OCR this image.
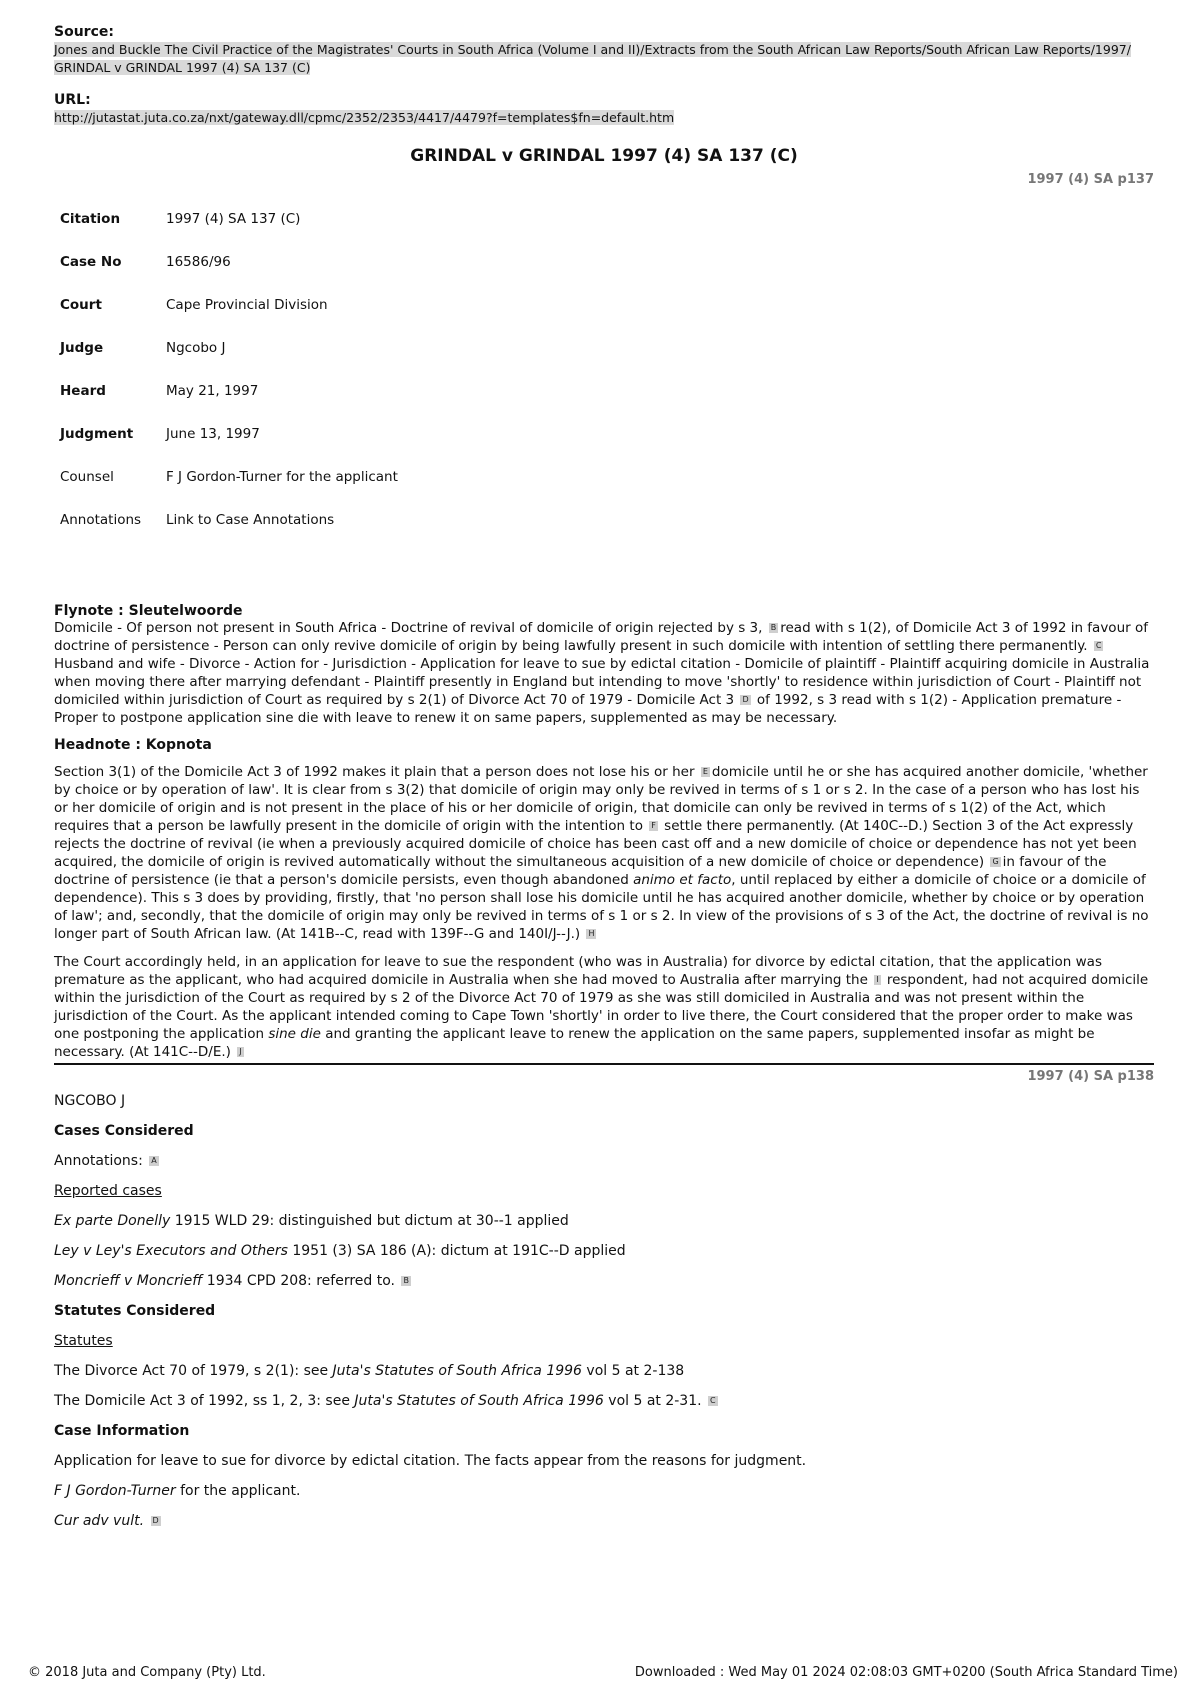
Source:

Jones and Buckle The Civil Practice of the Magistrates' Courts in South Africa (Volume I and II)/Extracts from the South African Law Reports/South African Law Reports/1997/ GRINDAL v GRINDAL 1997 (4) SA 137 (C)

URL:

http://jutastat.juta.co.za/nxt/gateway.dll/cpmc/2352/2353/4417/4479?f=templates$fn=default.htm
GRINDAL v GRINDAL 1997 (4) SA 137 (C)
1997 (4) SA p137
Citation	1997 (4) SA 137 (C)
Case No	16586/96
Court	Cape Provincial Division
Judge	Ngcobo J
Heard	May 21, 1997
Judgment	June 13, 1997
Counsel	F J Gordon-Turner for the applicant
Annotations	Link to Case Annotations

Flynote : Sleutelwoorde

Domicile - Of person not present in South Africa - Doctrine of revival of domicile of origin rejected by s 3, B read with s 1(2), of Domicile Act 3 of 1992 in favour of doctrine of persistence - Person can only revive domicile of origin by being lawfully present in such domicile with intention of settling there permanently. C

Husband and wife - Divorce - Action for - Jurisdiction - Application for leave to sue by edictal citation - Domicile of plaintiff - Plaintiff acquiring domicile in Australia when moving there after marrying defendant - Plaintiff presently in England but intending to move 'shortly' to residence within jurisdiction of Court - Plaintiff not domiciled within jurisdiction of Court as required by s 2(1) of Divorce Act 70 of 1979 - Domicile Act 3 D of 1992, s 3 read with s 1(2) - Application premature - Proper to postpone application sine die with leave to renew it on same papers, supplemented as may be necessary.

Headnote : Kopnota

Section 3(1) of the Domicile Act 3 of 1992 makes it plain that a person does not lose his or her E domicile until he or she has acquired another domicile, 'whether by choice or by operation of law'. It is clear from s 3(2) that domicile of origin may only be revived in terms of s 1 or s 2. In the case of a person who has lost his or her domicile of origin and is not present in the place of his or her domicile of origin, that domicile can only be revived in terms of s 1(2) of the Act, which requires that a person be lawfully present in the domicile of origin with the intention to F settle there permanently. (At 140C--D.) Section 3 of the Act expressly rejects the doctrine of revival (ie when a previously acquired domicile of choice has been cast off and a new domicile of choice or dependence has not yet been acquired, the domicile of origin is revived automatically without the simultaneous acquisition of a new domicile of choice or dependence) G in favour of the doctrine of persistence (ie that a person's domicile persists, even though abandoned animo et facto, until replaced by either a domicile of choice or a domicile of dependence). This s 3 does by providing, firstly, that 'no person shall lose his domicile until he has acquired another domicile, whether by choice or by operation of law'; and, secondly, that the domicile of origin may only be revived in terms of s 1 or s 2. In view of the provisions of s 3 of the Act, the doctrine of revival is no longer part of South African law. (At 141B--C, read with 139F--G and 140I/J--J.) H

The Court accordingly held, in an application for leave to sue the respondent (who was in Australia) for divorce by edictal citation, that the application was premature as the applicant, who had acquired domicile in Australia when she had moved to Australia after marrying the I respondent, had not acquired domicile within the jurisdiction of the Court as required by s 2 of the Divorce Act 70 of 1979 as she was still domiciled in Australia and was not present within the jurisdiction of the Court. As the applicant intended coming to Cape Town 'shortly' in order to live there, the Court considered that the proper order to make was one postponing the application sine die and granting the applicant leave to renew the application on the same papers, supplemented insofar as might be necessary. (At 141C--D/E.) J

1997 (4) SA p138

NGCOBO J

Cases Considered

Annotations: A

Reported cases

Ex parte Donelly 1915 WLD 29: distinguished but dictum at 30--1 applied

Ley v Ley's Executors and Others 1951 (3) SA 186 (A): dictum at 191C--D applied

Moncrieff v Moncrieff 1934 CPD 208: referred to. B

Statutes Considered

Statutes

The Divorce Act 70 of 1979, s 2(1): see Juta's Statutes of South Africa 1996 vol 5 at 2-138

The Domicile Act 3 of 1992, ss 1, 2, 3: see Juta's Statutes of South Africa 1996 vol 5 at 2-31. C

Case Information

Application for leave to sue for divorce by edictal citation. The facts appear from the reasons for judgment.

F J Gordon-Turner for the applicant.

Cur adv vult. D

© 2018 Juta and Company (Pty) Ltd.	Downloaded : Wed May 01 2024 02:08:03 GMT+0200 (South Africa Standard Time)
